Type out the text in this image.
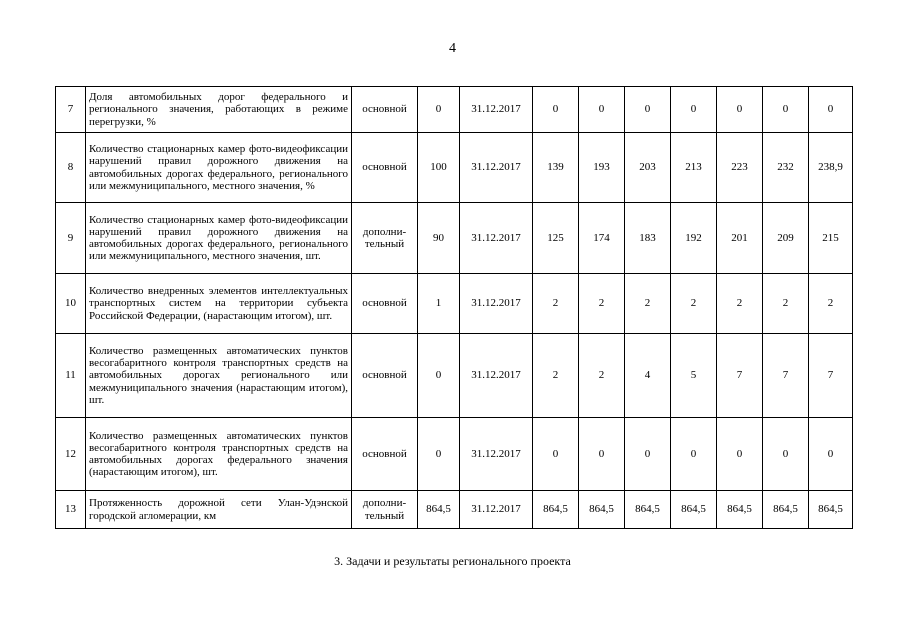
4
7	Доля автомобильных дорог федерального и регионального значения, работающих в режиме перегрузки, %	основной	0	31.12.2017	0	0	0	0	0	0	0
8	Количество стационарных камер фото-видеофиксации нарушений правил дорожного движения на автомобильных дорогах федерального, регионального или межмуниципального, местного значения, %	основной	100	31.12.2017	139	193	203	213	223	232	238,9
9	Количество стационарных камер фото-видеофиксации нарушений правил дорожного движения на автомобильных дорогах федерального, регионального или межмуниципального, местного значения, шт.	дополни-тельный	90	31.12.2017	125	174	183	192	201	209	215
10	Количество внедренных элементов интеллектуальных транспортных систем на территории субъекта Российской Федерации, (нарастающим итогом), шт.	основной	1	31.12.2017	2	2	2	2	2	2	2
11	Количество размещенных автоматических пунктов весогабаритного контроля транспортных средств на автомобильных дорогах регионального или межмуниципального значения (нарастающим итогом), шт.	основной	0	31.12.2017	2	2	4	5	7	7	7
12	Количество размещенных автоматических пунктов весогабаритного контроля транспортных средств на автомобильных дорогах федерального значения (нарастающим итогом), шт.	основной	0	31.12.2017	0	0	0	0	0	0	0
13	Протяженность дорожной сети Улан-Удэнской городской агломерации, км	дополни-тельный	864,5	31.12.2017	864,5	864,5	864,5	864,5	864,5	864,5	864,5
3. Задачи и результаты регионального проекта
